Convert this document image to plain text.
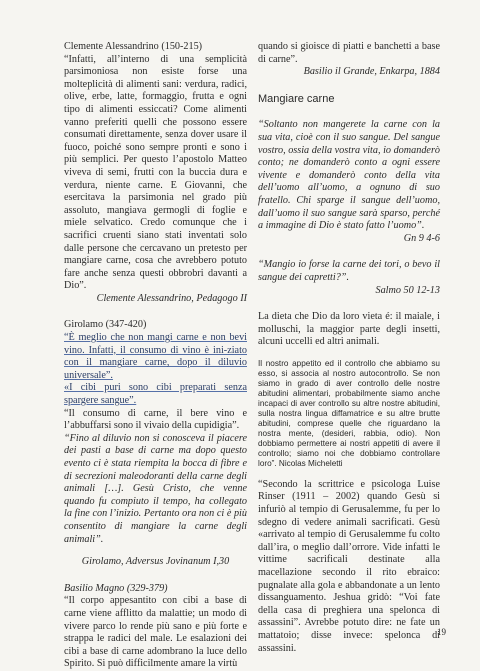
Clemente Alessandrino (150-215)

“Infatti, all’interno di una semplicità parsimoniosa non esiste forse una molteplicità di alimenti sani: verdura, radici, olive, erbe, latte, formaggio, frutta e ogni tipo di alimenti essiccati? Come alimenti vanno preferiti quelli che possono essere consumati direttamente, senza dover usare il fuoco, poiché sono sempre pronti e sono i più semplici. Per questo l’apostolo Matteo viveva di semi, frutti con la buccia dura e verdura, niente carne. E Giovanni, che esercitava la parsimonia nel grado più assoluto, mangiava germogli di foglie e miele selvatico. Credo comunque che i sacrifici cruenti siano stati inventati solo dalle persone che cercavano un pretesto per mangiare carne, cosa che avrebbero potuto fare anche senza questi obbrobri davanti a Dio”.

Clemente Alessandrino, Pedagogo II

Girolamo (347-420)

“È meglio che non mangi carne e non bevi vino. Infatti, il consumo di vino è ini-ziato con il mangiare carne, dopo il diluvio universale”.

«I cibi puri sono cibi preparati senza spargere sangue”.

“Il consumo di carne, il bere vino e l’abbuffarsi sono il vivaio della cupidigia”.

“Fino al diluvio non si conosceva il piacere dei pasti a base di carne ma dopo questo evento ci è stata riempita la bocca di fibre e di secrezioni maleodoranti della carne degli animali […]. Gesù Cristo, che venne quando fu compiuto il tempo, ha collegato la fine con l’inizio. Pertanto ora non ci è più consentito di mangiare la carne degli animali”.

Girolamo, Adversus Jovinanum I,30

Basilio Magno (329-379)

“Il corpo appesantito con cibi a base di carne viene afflitto da malattie; un modo di vivere parco lo rende più sano e più forte e strappa le radici del male. Le esalazioni dei cibi a base di carne adombrano la luce dello Spirito. Si può difficilmente amare la virtù

quando si gioisce di piatti e banchetti a base di carne”.

Basilio il Grande, Enkarpa, 1884

Mangiare carne

“Soltanto non mangerete la carne con la sua vita, cioè con il suo sangue. Del sangue vostro, ossia della vostra vita, io domanderò conto; ne domanderò conto a ogni essere vivente e domanderò conto della vita dell’uomo all’uomo, a ognuno di suo fratello. Chi sparge il sangue dell’uomo, dall’uomo il suo sangue sarà sparso, perché a immagine di Dio è stato fatto l’uomo”.

Gn 9 4-6

“Mangio io forse la carne dei tori, o bevo il sangue dei capretti?”.

Salmo 50 12-13

La dieta che Dio da loro vieta é: il maiale, i molluschi, la maggior parte degli insetti, alcuni uccelli ed altri animali.

Il nostro appetito ed il controllo che abbiamo su esso, si associa al nostro autocontrollo. Se non siamo in grado di aver controllo delle nostre abitudini alimentari, probabilmente siamo anche incapaci di aver controllo su altre nostre abitudini, sulla nostra lingua diffamatrice e su altre brutte abitudini, comprese quelle che riguardano la nostra mente, (desideri, rabbia, odio). Non dobbiamo permettere ai nostri appetiti di avere il controllo; siamo noi che dobbiamo controllare loro”. Nicolas Micheletti

“Secondo la scrittrice e psicologa Luise Rinser (1911 – 2002) quando Gesù si infuriò al tempio di Gerusalemme, fu per lo sdegno di vedere animali sacrificati. Gesù «arrivato al tempio di Gerusalemme fu colto dall’ira, o meglio dall’orrore. Vide infatti le vittime sacrificali destinate alla macellazione secondo il rito ebraico: pugnalate alla gola e abbandonate a un lento dissanguamento. Jeshua gridò: “Voi fate della casa di preghiera una spelonca di assassini”. Avrebbe potuto dire: ne fate un mattatoio; disse invece: spelonca di assassini.

19
